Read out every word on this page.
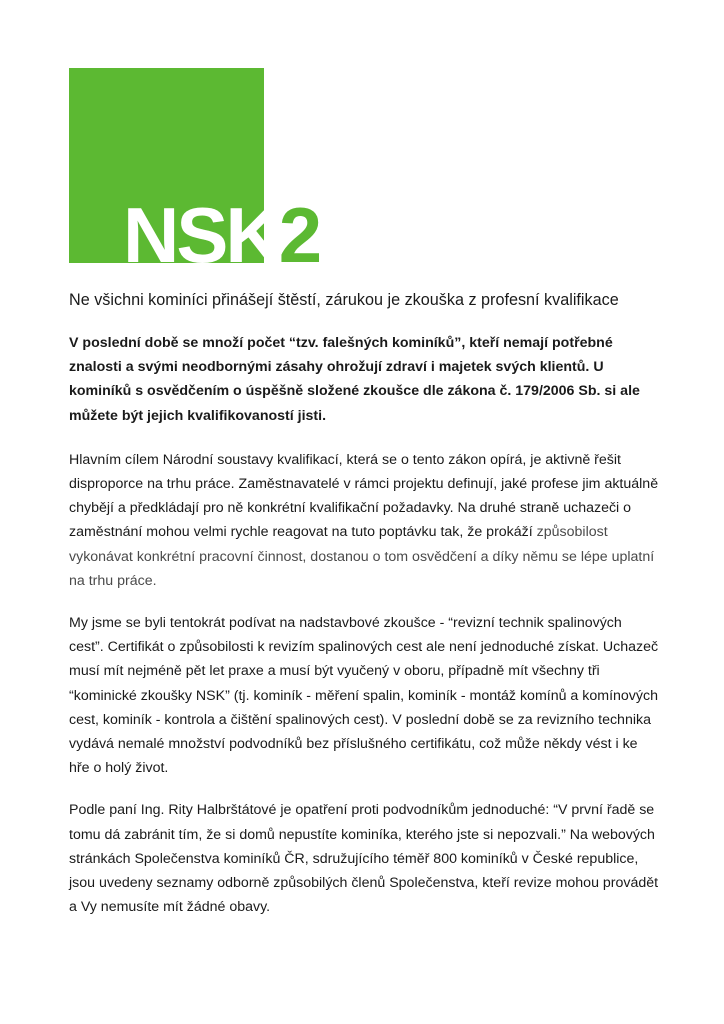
NSK2
Ne všichni kominíci přinášejí štěstí, zárukou je zkouška z profesní kvalifikace

V poslední době se množí počet “tzv. falešných kominíků”, kteří nemají potřebné znalosti a svými neodbornými zásahy ohrožují zdraví i majetek svých klientů. U kominíků s osvědčením o úspěšně složené zkoušce dle zákona č. 179/2006 Sb. si ale můžete být jejich kvalifikovaností jisti.

Hlavním cílem Národní soustavy kvalifikací, která se o tento zákon opírá, je aktivně řešit disproporce na trhu práce. Zaměstnavatelé v rámci projektu definují, jaké profese jim aktuálně chybějí a předkládají pro ně konkrétní kvalifikační požadavky. Na druhé straně uchazeči o zaměstnání mohou velmi rychle reagovat na tuto poptávku tak, že prokáží způsobilost vykonávat konkrétní pracovní činnost, dostanou o tom osvědčení a díky němu se lépe uplatní na trhu práce.

My jsme se byli tentokrát podívat na nadstavbové zkoušce - “revizní technik spalinových cest”. Certifikát o způsobilosti k revizím spalinových cest ale není jednoduché získat. Uchazeč musí mít nejméně pět let praxe a musí být vyučený v oboru, případně mít všechny tři “kominické zkoušky NSK” (tj. kominík - měření spalin, kominík - montáž komínů a komínových cest, kominík - kontrola a čištění spalinových cest). V poslední době se za revizního technika vydává nemalé množství podvodníků bez příslušného certifikátu, což může někdy vést i ke hře o holý život.

Podle paní Ing. Rity Halbrštátové je opatření proti podvodníkům jednoduché: “V první řadě se tomu dá zabránit tím, že si domů nepustíte kominíka, kterého jste si nepozvali.” Na webových stránkách Společenstva kominíků ČR, sdružujícího téměř 800 kominíků v České republice, jsou uvedeny seznamy odborně způsobilých členů Společenstva, kteří revize mohou provádět a Vy nemusíte mít žádné obavy.
